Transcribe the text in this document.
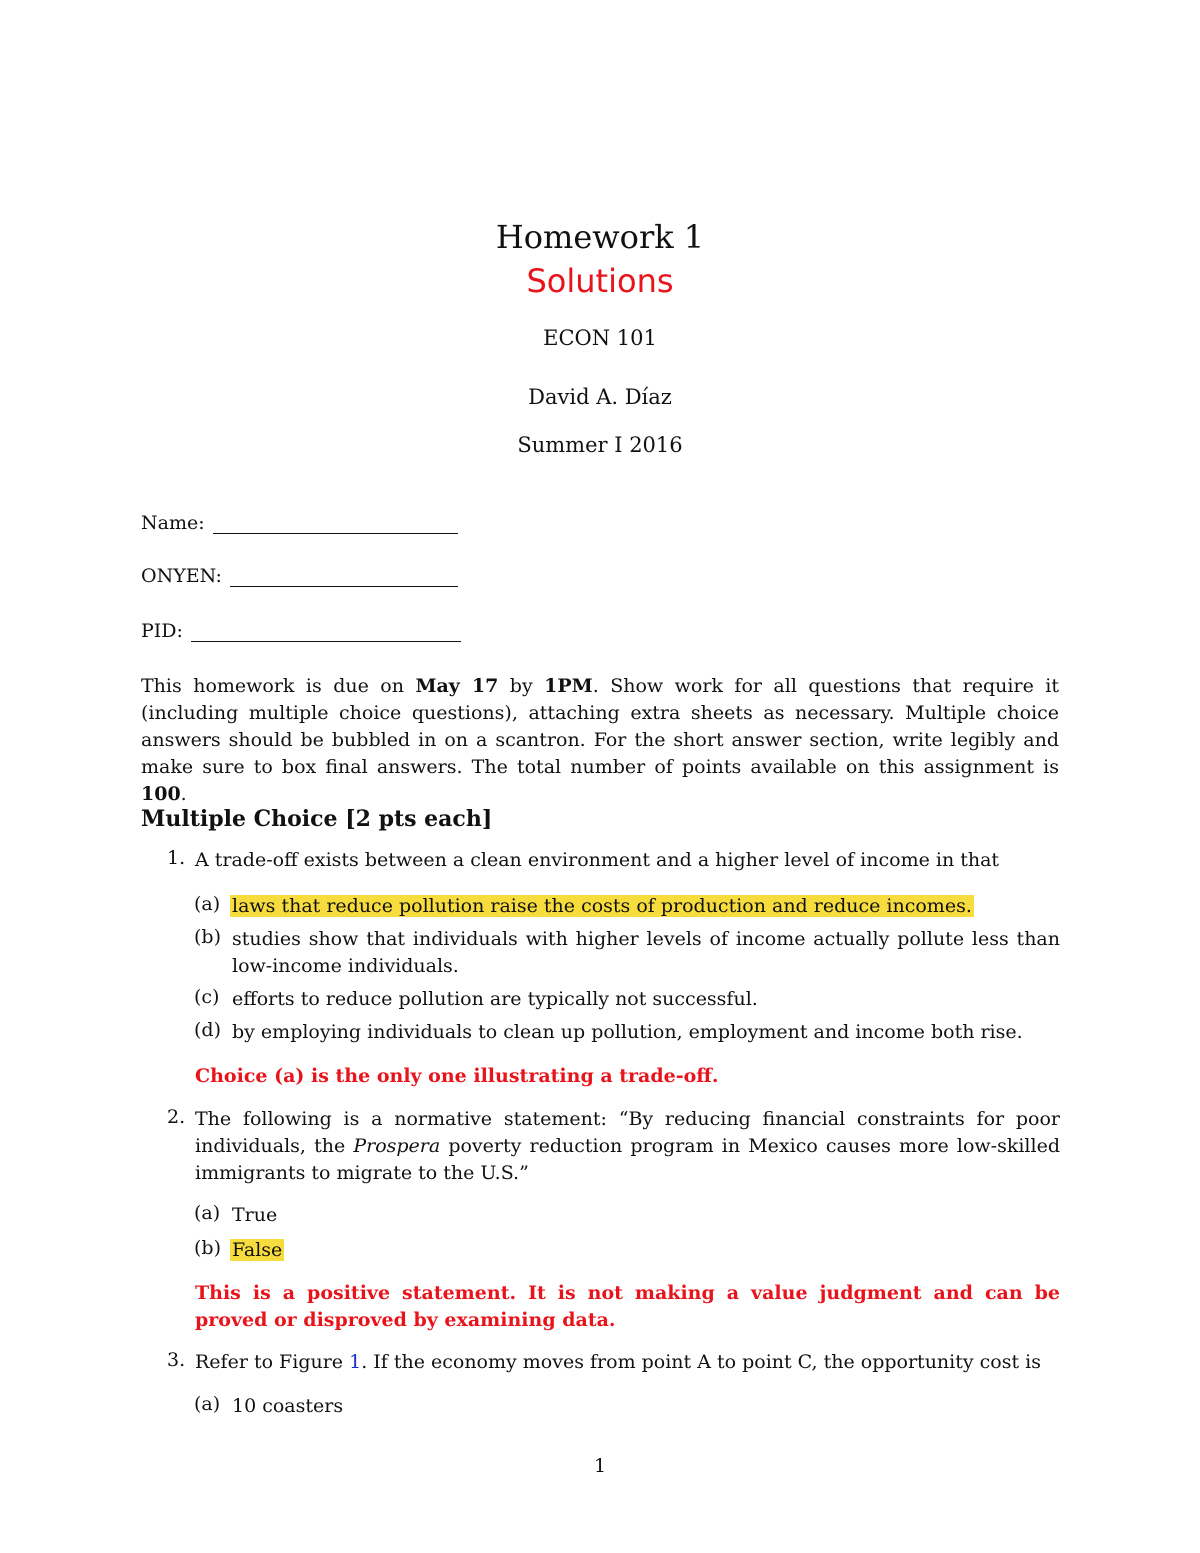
Homework 1
Solutions
ECON 101
David A. Díaz
Summer I 2016
Name:
ONYEN:
PID:
This homework is due on May 17 by 1PM. Show work for all questions that require it (including multiple choice questions), attaching extra sheets as necessary. Multiple choice answers should be bubbled in on a scantron. For the short answer section, write legibly and make sure to box final answers. The total number of points available on this assignment is 100.
Multiple Choice [2 pts each]
1. A trade-off exists between a clean environment and a higher level of income in that
(a) laws that reduce pollution raise the costs of production and reduce incomes.
(b) studies show that individuals with higher levels of income actually pollute less than low-income individuals.
(c) efforts to reduce pollution are typically not successful.
(d) by employing individuals to clean up pollution, employment and income both rise.
Choice (a) is the only one illustrating a trade-off.
2. The following is a normative statement: “By reducing financial constraints for poor individuals, the Prospera poverty reduction program in Mexico causes more low-skilled immigrants to migrate to the U.S.”
(a) True
(b) False
This is a positive statement. It is not making a value judgment and can be proved or disproved by examining data.
3. Refer to Figure 1. If the economy moves from point A to point C, the opportunity cost is
(a) 10 coasters
1
